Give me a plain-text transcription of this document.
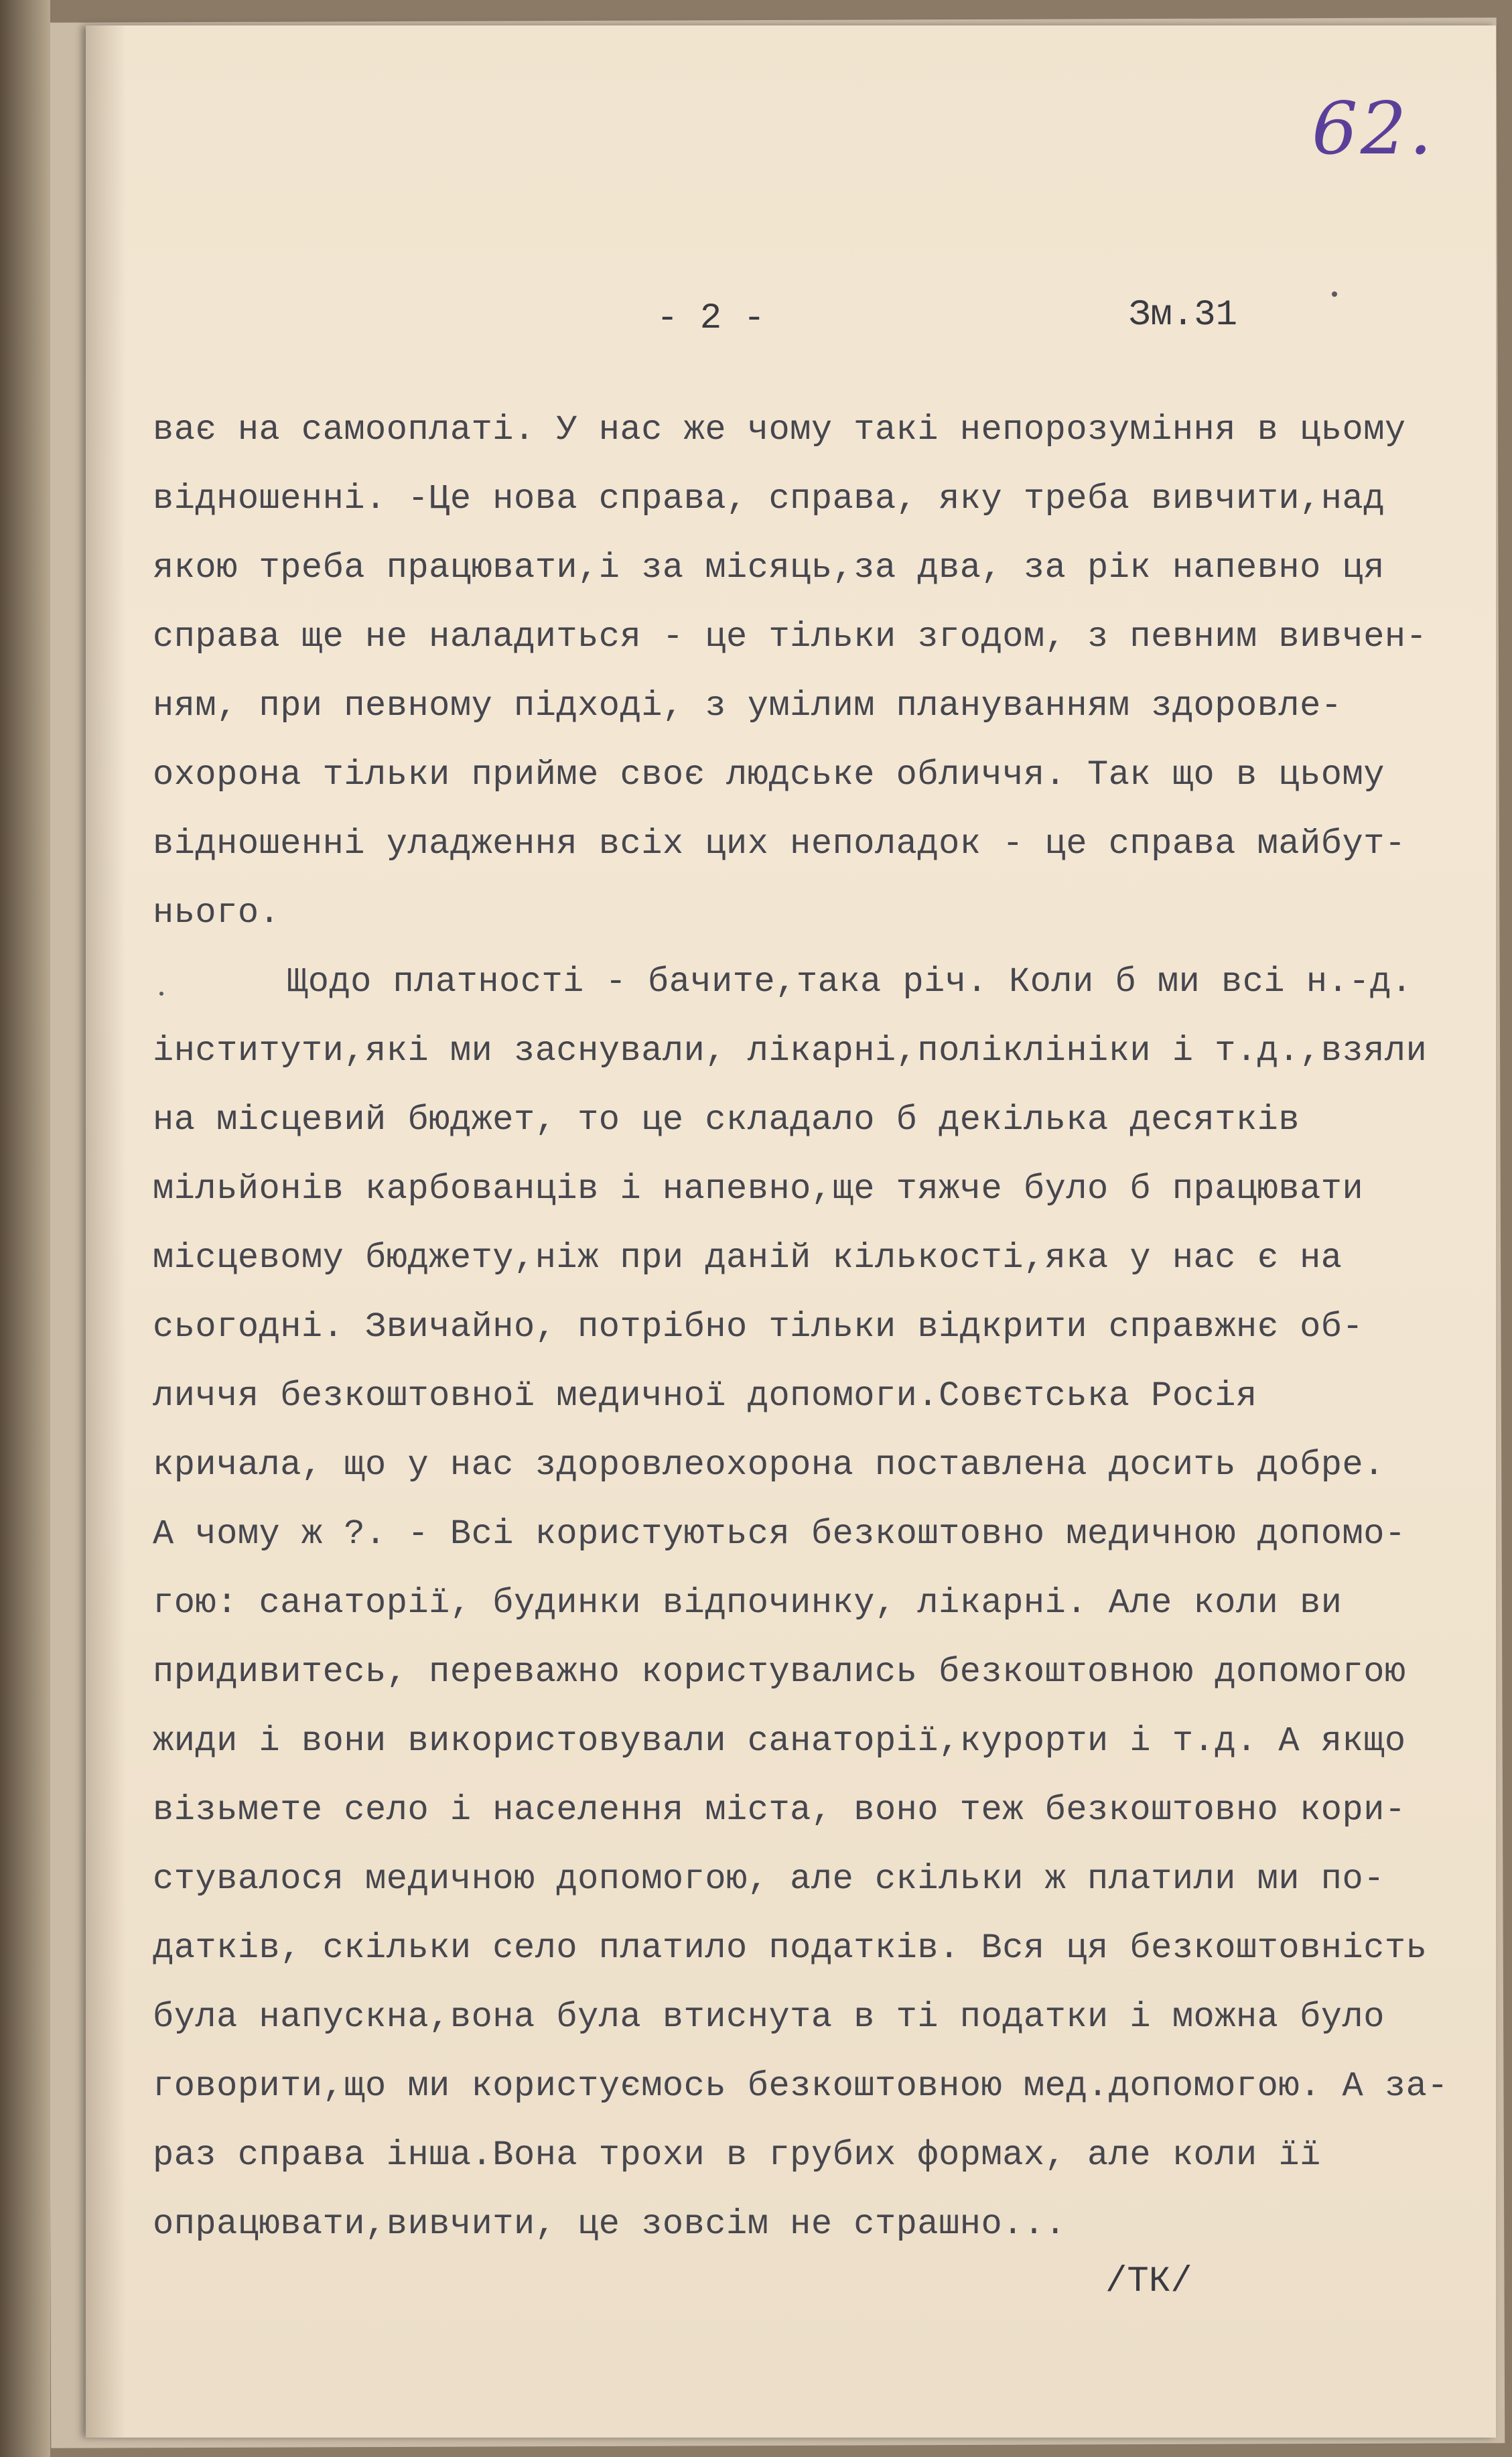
62.
- 2 -	Зм.31
ває на самооплаті. У нас же чому такі непорозуміння в цьому
відношенні. -Це нова справа, справа, яку треба вивчити,над
якою треба працювати,і за місяць,за два, за рік напевно ця
справа ще не наладиться - це тільки згодом, з певним вивчен-
ням, при певному підході, з умілим плануванням здоровле-
охорона тільки прийме своє людське обличчя. Так що в цьому
відношенні уладження всіх цих неполадок - це справа майбут-
нього.
Щодо платності - бачите,така річ. Коли б ми всі н.-д.
інститути,які ми заснували, лікарні,поліклініки і т.д.,взяли
на місцевий бюджет, то це складало б декілька десятків
мільйонів карбованців і напевно,ще тяжче було б працювати
місцевому бюджету,ніж при даній кількості,яка у нас є на
сьогодні. Звичайно, потрібно тільки відкрити справжнє об-
личчя безкоштовної медичної допомоги.Совєтська Росія
кричала, що у нас здоровлеохорона поставлена досить добре.
А чому ж ?. - Всі користуються безкоштовно медичною допомо-
гою: санаторії, будинки відпочинку, лікарні. Але коли ви
придивитесь, переважно користувались безкоштовною допомогою
жиди і вони використовували санаторії,курорти і т.д. А якщо
візьмете село і населення міста, воно теж безкоштовно кори-
стувалося медичною допомогою, але скільки ж платили ми по-
датків, скільки село платило податків. Вся ця безкоштовність
була напускна,вона була втиснута в ті податки і можна було
говорити,що ми користуємось безкоштовною мед.допомогою. А за-
раз справа інша.Вона трохи в грубих формах, але коли її
опрацювати,вивчити, це зовсім не страшно...
/ТК/
